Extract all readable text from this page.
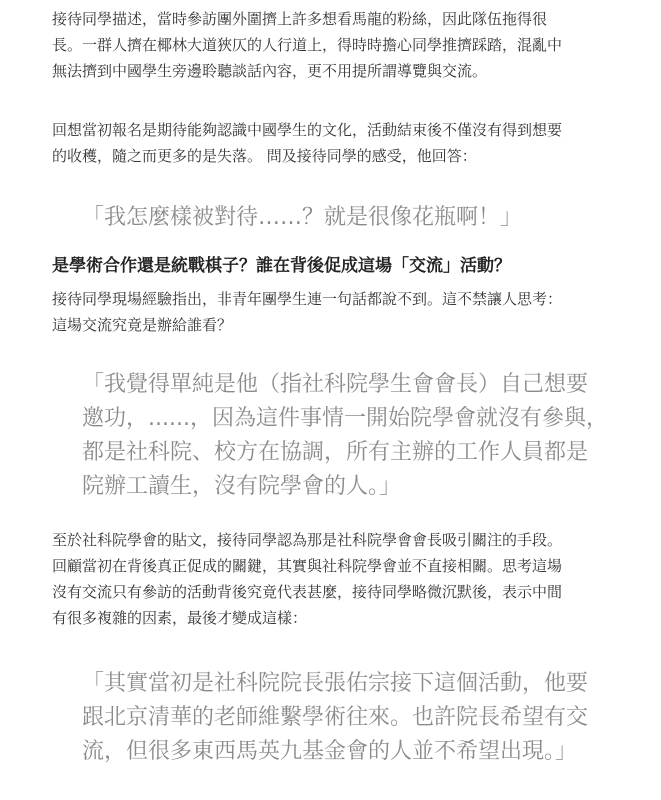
接待同學描述，當時參訪團外圍擠上許多想看馬龍的粉絲，因此隊伍拖得很
長。一群人擠在椰林大道狹仄的人行道上，得時時擔心同學推擠踩踏，混亂中
無法擠到中國學生旁邊聆聽談話內容，更不用提所謂導覽與交流。

回想當初報名是期待能夠認識中國學生的文化，活動結束後不僅沒有得到想要
的收穫，隨之而更多的是失落。 問及接待同學的感受，他回答：

「我怎麼樣被對待……？就是很像花瓶啊！」

是學術合作還是統戰棋子？誰在背後促成這場「交流」活動？

接待同學現場經驗指出，非青年團學生連一句話都說不到。這不禁讓人思考：
這場交流究竟是辦給誰看？

「我覺得單純是他（指社科院學生會會長）自己想要
邀功，......，因為這件事情一開始院學會就沒有參與，
都是社科院、校方在協調，所有主辦的工作人員都是
院辦工讀生，沒有院學會的人。」

至於社科院學會的貼文，接待同學認為那是社科院學會會長吸引關注的手段。
回顧當初在背後真正促成的關鍵，其實與社科院學會並不直接相關。思考這場
沒有交流只有參訪的活動背後究竟代表甚麼，接待同學略微沉默後，表示中間
有很多複雜的因素，最後才變成這樣：

「其實當初是社科院院長張佑宗接下這個活動，他要
跟北京清華的老師維繫學術往來。也許院長希望有交
流，但很多東西馬英九基金會的人並不希望出現。」
